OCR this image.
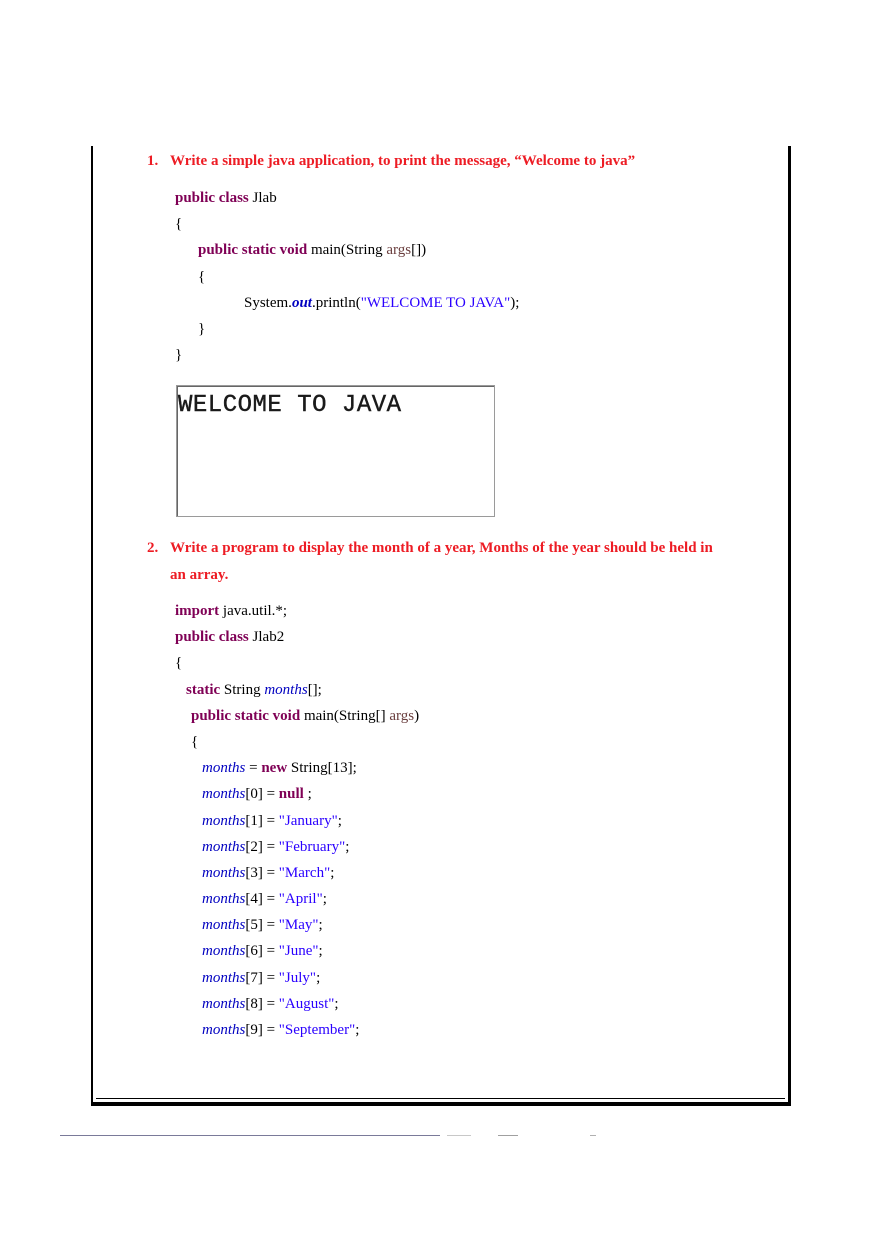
1. Write a simple java application, to print the message, “Welcome to java”
public class Jlab
{
public static void main(String args[])
{
System.out.println("WELCOME TO JAVA");
}
}
WELCOME TO JAVA
2. Write a program to display the month of a year, Months of the year should be held in
an array.
import java.util.*;
public class Jlab2
{
static String months[];
public static void main(String[] args)
{
months = new String[13];
months[0] = null ;
months[1] = "January";
months[2] = "February";
months[3] = "March";
months[4] = "April";
months[5] = "May";
months[6] = "June";
months[7] = "July";
months[8] = "August";
months[9] = "September";
